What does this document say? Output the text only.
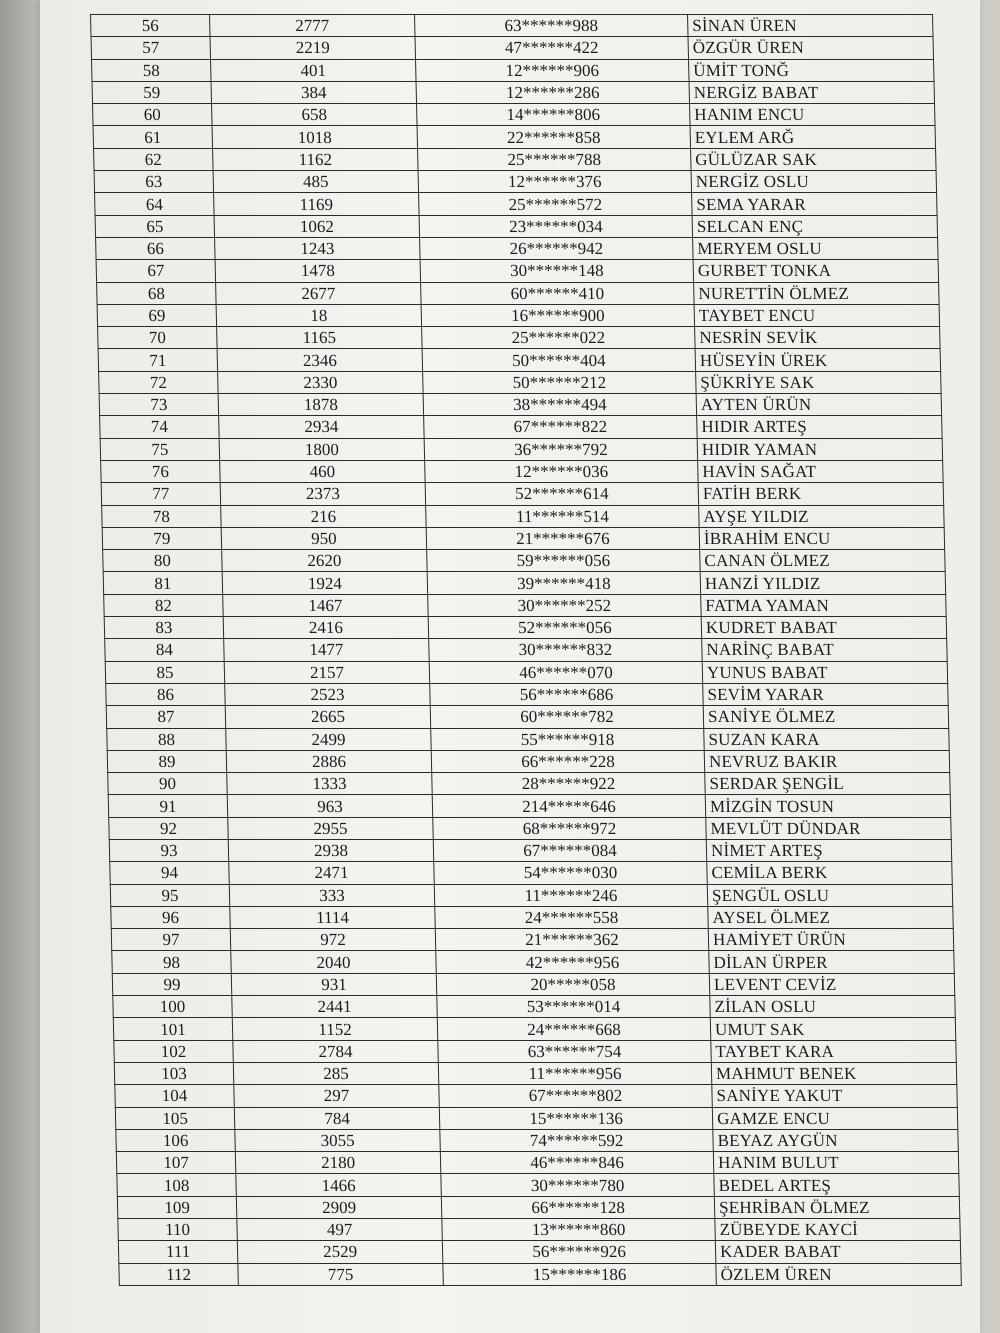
56	2777	63******988	SİNAN ÜREN
57	2219	47******422	ÖZGÜR ÜREN
58	401	12******906	ÜMİT TONĞ
59	384	12******286	NERGİZ BABAT
60	658	14******806	HANIM ENCU
61	1018	22******858	EYLEM ARĞ
62	1162	25******788	GÜLÜZAR SAK
63	485	12******376	NERGİZ OSLU
64	1169	25******572	SEMA YARAR
65	1062	23******034	SELCAN ENÇ
66	1243	26******942	MERYEM OSLU
67	1478	30******148	GURBET TONKA
68	2677	60******410	NURETTİN ÖLMEZ
69	18	16******900	TAYBET ENCU
70	1165	25******022	NESRİN SEVİK
71	2346	50******404	HÜSEYİN ÜREK
72	2330	50******212	ŞÜKRİYE SAK
73	1878	38******494	AYTEN ÜRÜN
74	2934	67******822	HIDIR ARTEŞ
75	1800	36******792	HIDIR YAMAN
76	460	12******036	HAVİN SAĞAT
77	2373	52******614	FATİH BERK
78	216	11******514	AYŞE YILDIZ
79	950	21******676	İBRAHİM ENCU
80	2620	59******056	CANAN ÖLMEZ
81	1924	39******418	HANZİ YILDIZ
82	1467	30******252	FATMA YAMAN
83	2416	52******056	KUDRET BABAT
84	1477	30******832	NARİNÇ BABAT
85	2157	46******070	YUNUS BABAT
86	2523	56******686	SEVİM YARAR
87	2665	60******782	SANİYE ÖLMEZ
88	2499	55******918	SUZAN KARA
89	2886	66******228	NEVRUZ BAKIR
90	1333	28******922	SERDAR ŞENGİL
91	963	214*****646	MİZGİN TOSUN
92	2955	68******972	MEVLÜT DÜNDAR
93	2938	67******084	NİMET ARTEŞ
94	2471	54******030	CEMİLA BERK
95	333	11******246	ŞENGÜL OSLU
96	1114	24******558	AYSEL ÖLMEZ
97	972	21******362	HAMİYET ÜRÜN
98	2040	42******956	DİLAN ÜRPER
99	931	20*****058	LEVENT CEVİZ
100	2441	53******014	ZİLAN OSLU
101	1152	24******668	UMUT SAK
102	2784	63******754	TAYBET KARA
103	285	11******956	MAHMUT BENEK
104	297	67******802	SANİYE YAKUT
105	784	15******136	GAMZE ENCU
106	3055	74******592	BEYAZ AYGÜN
107	2180	46******846	HANIM BULUT
108	1466	30******780	BEDEL ARTEŞ
109	2909	66******128	ŞEHRİBAN ÖLMEZ
110	497	13******860	ZÜBEYDE KAYCİ
111	2529	56******926	KADER BABAT
112	775	15******186	ÖZLEM ÜREN
